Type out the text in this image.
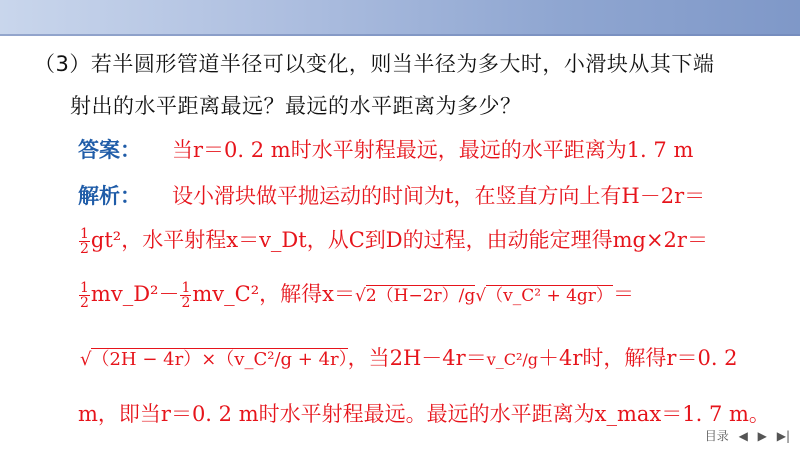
（3）若半圆形管道半径可以变化，则当半径为多大时，小滑块从其下端
射出的水平距离最远？最远的水平距离为多少？
答案： 当r＝0. 2 m时水平射程最远，最远的水平距离为1. 7 m
解析： 设小滑块做平抛运动的时间为t，在竖直方向上有H－2r＝
$\frac{1}{2} gt^2$，水平射程x＝v_Dt，从C到D的过程，由动能定理得mg×2r＝
$\frac{1}{2}$ mv_D²－ $\frac{1}{2}$ mv_C²，解得x＝√2（H−2r）/g√（v_C² + 4gr）＝
√（2H − 4r）×（v_C²/g + 4r），当2H－4r＝v_C²/g＋4r时，解得r＝0. 2
m，即当r＝0. 2 m时水平射程最远。最远的水平距离为x_max＝1. 7 m。
目录 ◀ ▶ ▶|
